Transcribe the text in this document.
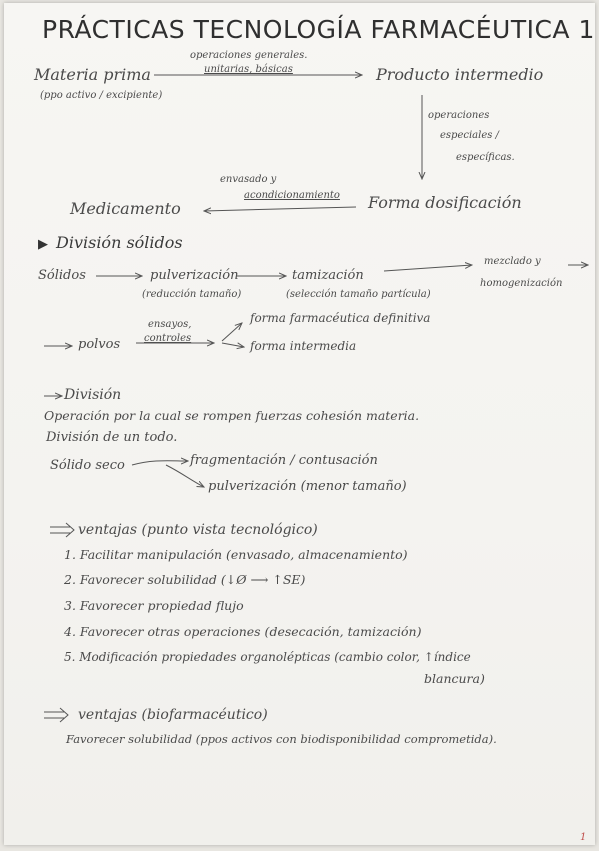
PRÁCTICAS TECNOLOGÍA FARMACÉUTICA 1
Materia prima
(ppo activo / excipiente)
operaciones generales.
unitarias, básicas	Producto intermedio
operaciones
especiales /
específicas.
envasado y
acondicionamiento Forma dosificación
Medicamento
▶ División sólidos
Sólidos	pulverización
(reducción tamaño)
tamización
(selección tamaño partícula)
mezclado y
homogenización
polvos
ensayos,
controles
forma farmacéutica definitiva
forma intermedia
División
Operación por la cual se rompen fuerzas cohesión materia.
División de un todo.
Sólido seco	fragmentación / contusación
pulverización (menor tamaño)
ventajas (punto vista tecnológico)
1. Facilitar manipulación (envasado, almacenamiento)
2. Favorecer solubilidad (↓Ø ⟶ ↑SE)
3. Favorecer propiedad flujo
4. Favorecer otras operaciones (desecación, tamización)
5. Modificación propiedades organolépticas (cambio color, ↑índice
blancura)
ventajas (biofarmacéutico)
Favorecer solubilidad (ppos activos con biodisponibilidad comprometida).
1
